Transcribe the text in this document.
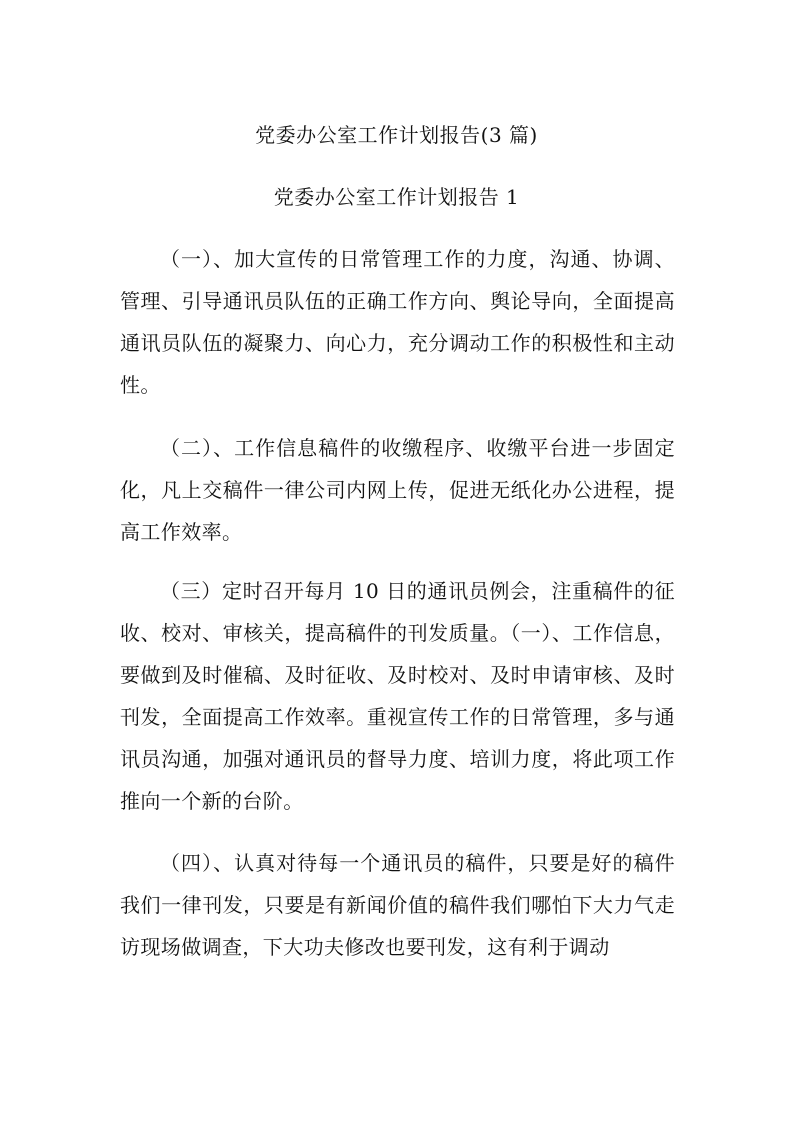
党委办公室工作计划报告(3 篇)
党委办公室工作计划报告 1

（一）、加大宣传的日常管理工作的力度，沟通、协调、管理、引导通讯员队伍的正确工作方向、舆论导向，全面提高通讯员队伍的凝聚力、向心力，充分调动工作的积极性和主动性。

（二）、工作信息稿件的收缴程序、收缴平台进一步固定化，凡上交稿件一律公司内网上传，促进无纸化办公进程，提高工作效率。

（三）定时召开每月 10 日的通讯员例会，注重稿件的征收、校对、审核关，提高稿件的刊发质量。（一）、工作信息，要做到及时催稿、及时征收、及时校对、及时申请审核、及时刊发，全面提高工作效率。重视宣传工作的日常管理，多与通讯员沟通，加强对通讯员的督导力度、培训力度，将此项工作推向一个新的台阶。

（四）、认真对待每一个通讯员的稿件，只要是好的稿件我们一律刊发，只要是有新闻价值的稿件我们哪怕下大力气走访现场做调查，下大功夫修改也要刊发，这有利于调动
